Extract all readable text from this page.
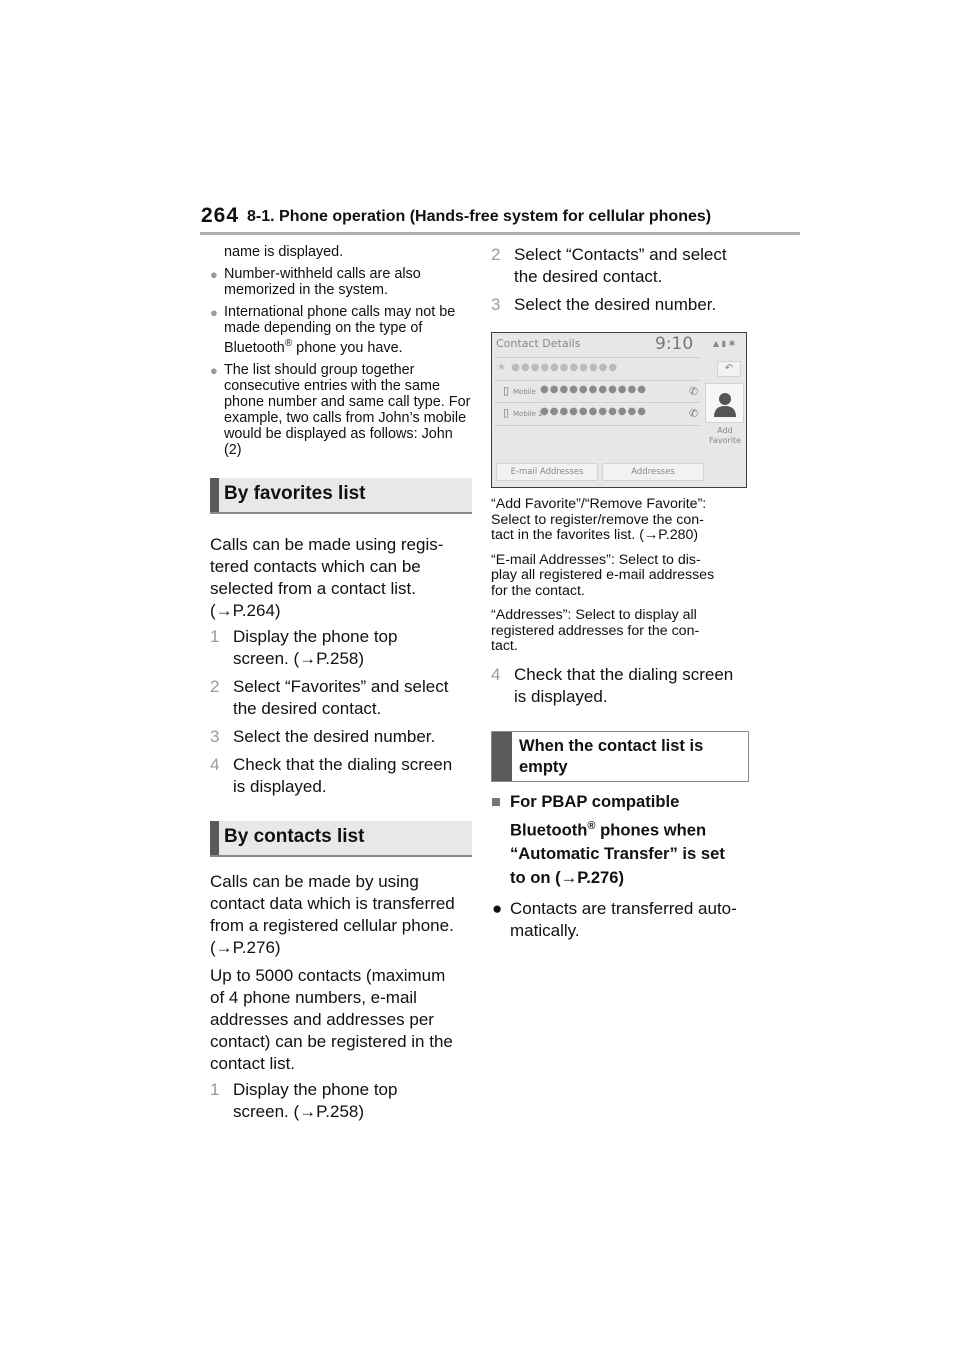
264 8-1. Phone operation (Hands-free system for cellular phones)
name is displayed.
● Number-withheld calls are also memorized in the system.
● International phone calls may not be made depending on the type of Bluetooth® phone you have.
● The list should group together consecutive entries with the same phone number and same call type. For example, two calls from John’s mobile would be displayed as follows: John (2)
By favorites list
Calls can be made using regis-
tered contacts which can be
selected from a contact list.
(→P.264)
1 Display the phone top
screen. (→P.258)
2 Select “Favorites” and select
the desired contact.
3 Select the desired number.
4 Check that the dialing screen
is displayed.
By contacts list
Calls can be made by using
contact data which is transferred
from a registered cellular phone.
(→P.276)
Up to 5000 contacts (maximum
of 4 phone numbers, e-mail
addresses and addresses per
contact) can be registered in the
contact list.
1 Display the phone top
screen. (→P.258)
2 Select “Contacts” and select
the desired contact.
3 Select the desired number.
Contact Details	9:10 ▲ ▮ ✱
★ ●●●●●●●●●●●
▯ Mobile ●●●●●●●●●●●	✆
▯ Mobile 2
●●●●●●●●●●●	✆
↶
Add
Favorite
E-mail Addresses	Addresses
“Add Favorite”/“Remove Favorite”:
Select to register/remove the con-
tact in the favorites list. (→P.280)
“E-mail Addresses”: Select to dis-
play all registered e-mail addresses
for the contact.
“Addresses”: Select to display all
registered addresses for the con-
tact.
4 Check that the dialing screen
is displayed.
When the contact list is
empty
■ For PBAP compatible
Bluetooth® phones when
“Automatic Transfer” is set
to on (→P.276)
● Contacts are transferred auto-
matically.
